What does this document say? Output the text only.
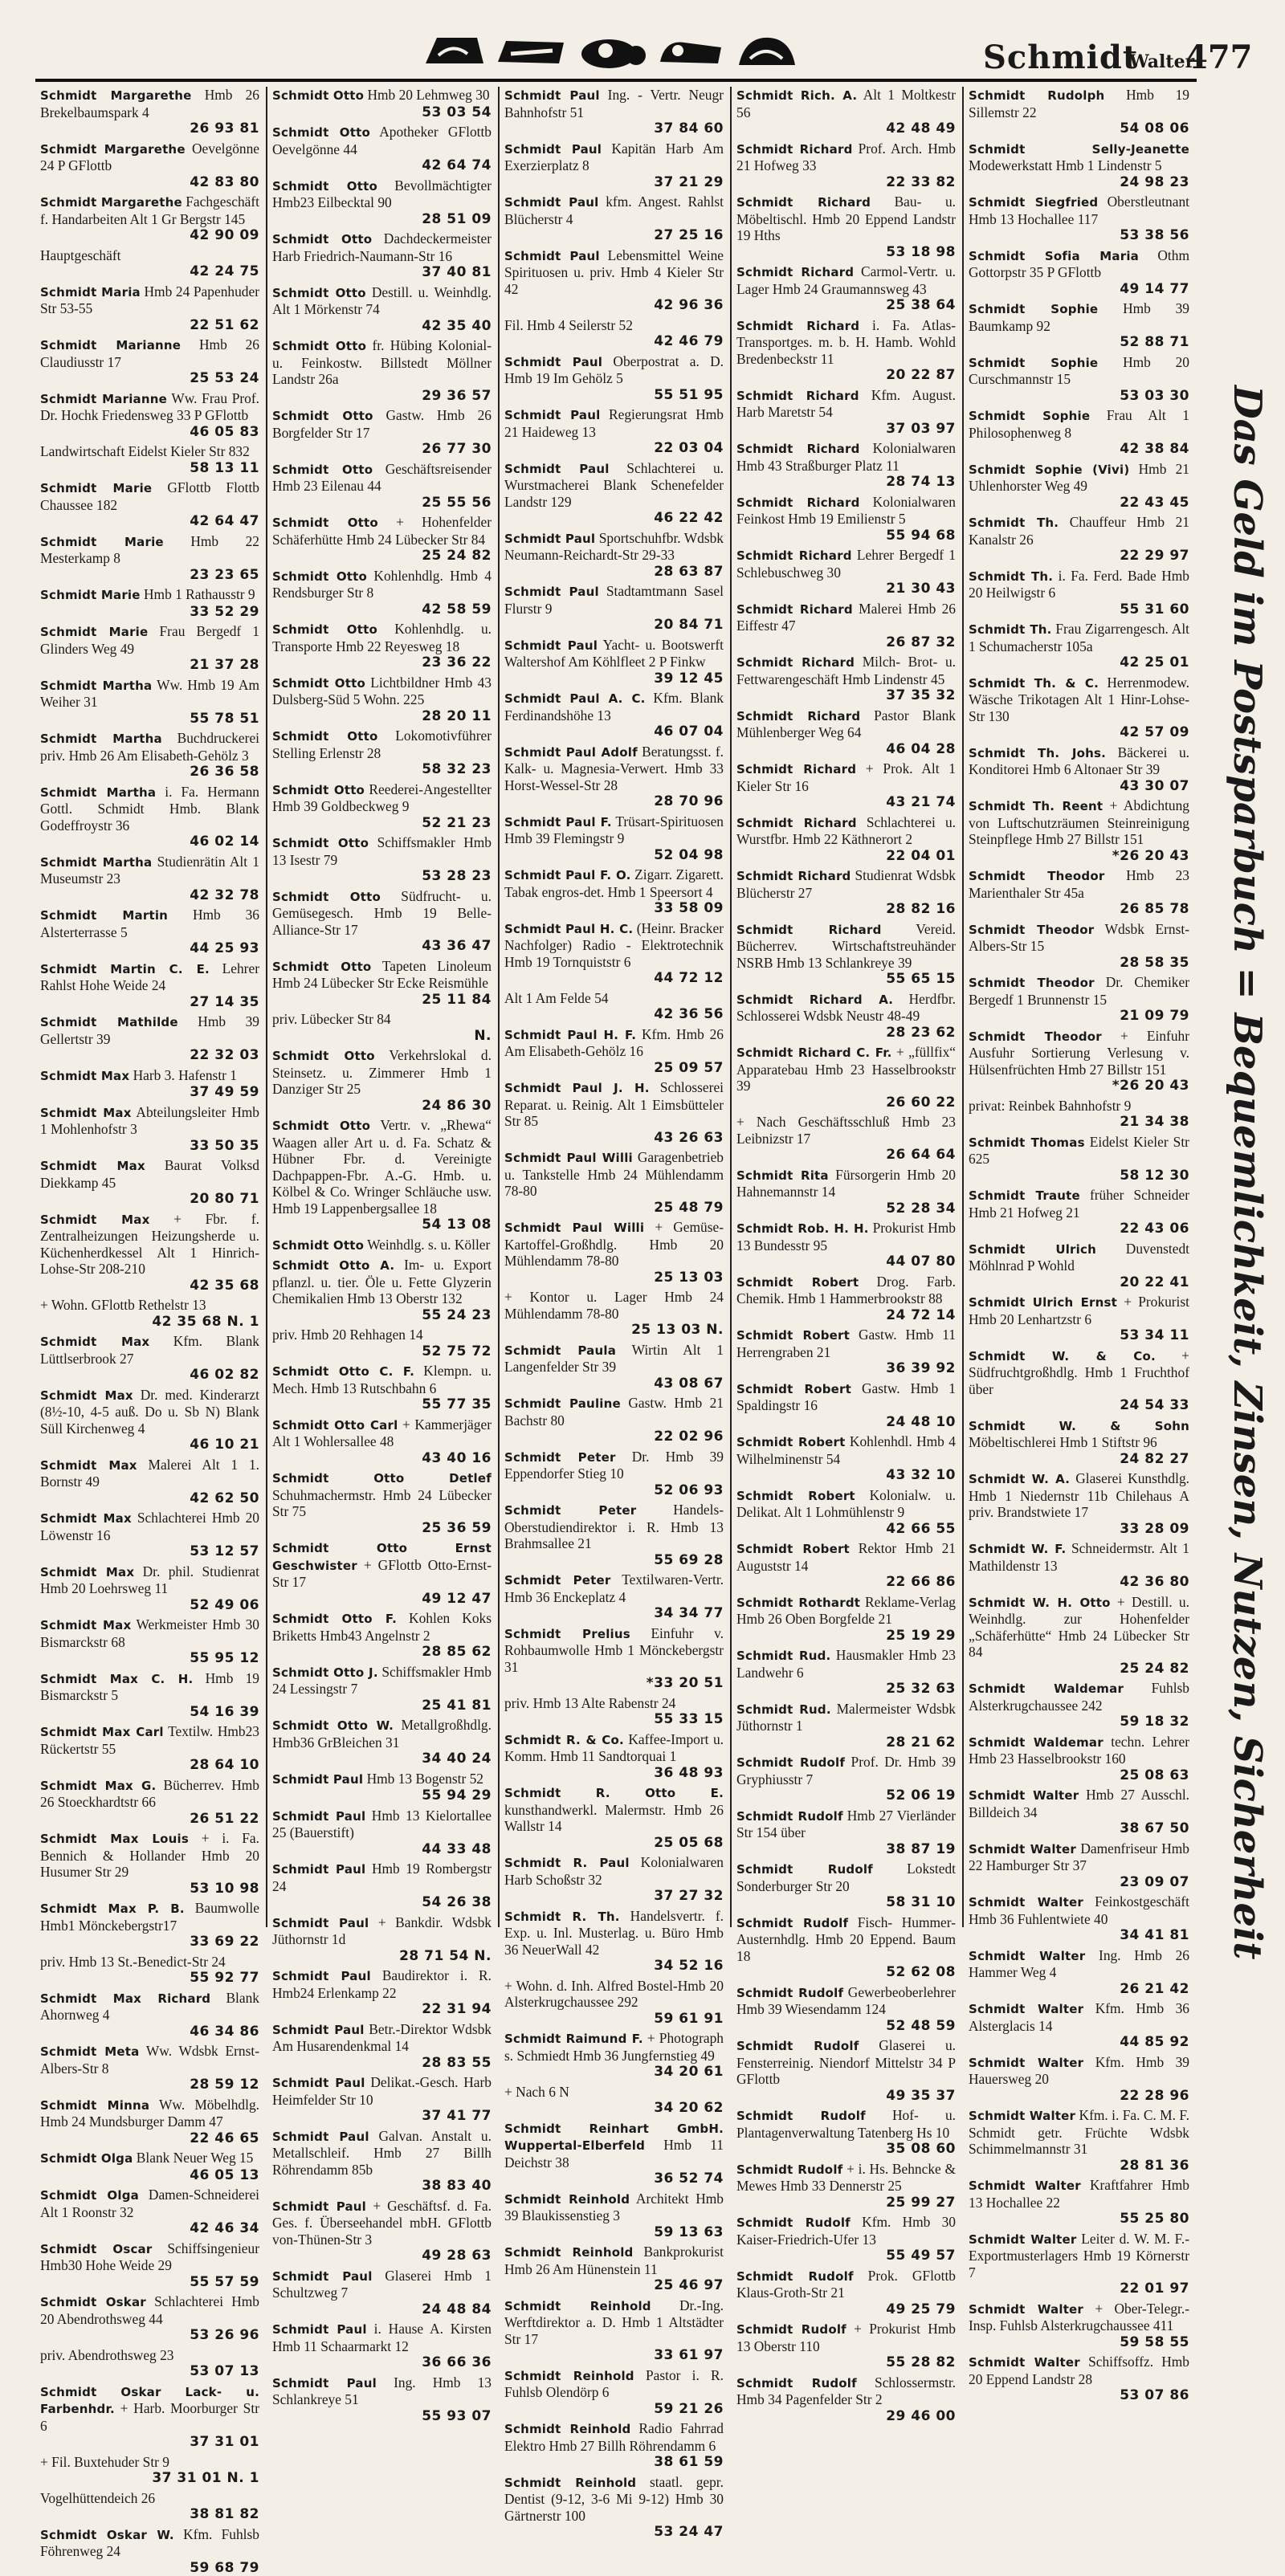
Schmidt
Walter
477
Schmidt Margarethe Hmb 26 Brekelbaumspark 4
26 93 81
Schmidt Margarethe Oevelgönne 24 P GFlottb
42 83 80
Schmidt Margarethe Fachgeschäft f. Handarbeiten Alt 1 Gr Bergstr 145
42 90 09
Hauptgeschäft
42 24 75
Schmidt Maria Hmb 24 Papenhuder Str 53-55
22 51 62
Schmidt Marianne Hmb 26 Claudiusstr 17
25 53 24
Schmidt Marianne Ww. Frau Prof. Dr. Hochk Friedensweg 33 P GFlottb
46 05 83
Landwirtschaft Eidelst Kieler Str 832
58 13 11
Schmidt Marie GFlottb Flottb Chaussee 182
42 64 47
Schmidt Marie Hmb 22 Mesterkamp 8
23 23 65
Schmidt Marie Hmb 1 Rathausstr 9
33 52 29
Schmidt Marie Frau Bergedf 1 Glinders Weg 49
21 37 28
Schmidt Martha Ww. Hmb 19 Am Weiher 31
55 78 51
Schmidt Martha Buchdruckerei priv. Hmb 26 Am Elisabeth-Gehölz 3
26 36 58
Schmidt Martha i. Fa. Hermann Gottl. Schmidt Hmb. Blank Godeffroystr 36
46 02 14
Schmidt Martha Studienrätin Alt 1 Museumstr 23
42 32 78
Schmidt Martin Hmb 36 Alsterterrasse 5
44 25 93
Schmidt Martin C. E. Lehrer Rahlst Hohe Weide 24
27 14 35
Schmidt Mathilde Hmb 39 Gellertstr 39
22 32 03
Schmidt Max Harb 3. Hafenstr 1
37 49 59
Schmidt Max Abteilungsleiter Hmb 1 Mohlenhofstr 3
33 50 35
Schmidt Max Baurat Volksd Diekkamp 45
20 80 71
Schmidt Max + Fbr. f. Zentralheizungen Heizungsherde u. Küchenherdkessel Alt 1 Hinrich-Lohse-Str 208-210
42 35 68
+ Wohn. GFlottb Rethelstr 13
42 35 68 N. 1
Schmidt Max Kfm. Blank Lüttlserbrook 27
46 02 82
Schmidt Max Dr. med. Kinderarzt (8½-10, 4-5 auß. Do u. Sb N) Blank Süll Kirchenweg 4
46 10 21
Schmidt Max Malerei Alt 1 1. Bornstr 49
42 62 50
Schmidt Max Schlachterei Hmb 20 Löwenstr 16
53 12 57
Schmidt Max Dr. phil. Studienrat Hmb 20 Loehrsweg 11
52 49 06
Schmidt Max Werkmeister Hmb 30 Bismarckstr 68
55 95 12
Schmidt Max C. H. Hmb 19 Bismarckstr 5
54 16 39
Schmidt Max Carl Textilw. Hmb23 Rückertstr 55
28 64 10
Schmidt Max G. Bücherrev. Hmb 26 Stoeckhardtstr 66
26 51 22
Schmidt Max Louis + i. Fa. Bennich & Hollander Hmb 20 Husumer Str 29
53 10 98
Schmidt Max P. B. Baumwolle Hmb1 Mönckebergstr17
33 69 22
priv. Hmb 13 St.-Benedict-Str 24
55 92 77
Schmidt Max Richard Blank Ahornweg 4
46 34 86
Schmidt Meta Ww. Wdsbk Ernst-Albers-Str 8
28 59 12
Schmidt Minna Ww. Möbelhdlg. Hmb 24 Mundsburger Damm 47
22 46 65
Schmidt Olga Blank Neuer Weg 15
46 05 13
Schmidt Olga Damen-Schneiderei Alt 1 Roonstr 32
42 46 34
Schmidt Oscar Schiffsingenieur Hmb30 Hohe Weide 29
55 57 59
Schmidt Oskar Schlachterei Hmb 20 Abendrothsweg 44
53 26 96
priv. Abendrothsweg 23
53 07 13
Schmidt Oskar Lack- u. Farbenhdr. + Harb. Moorburger Str 6
37 31 01
+ Fil. Buxtehuder Str 9
37 31 01 N. 1
Vogelhüttendeich 26
38 81 82
Schmidt Oskar W. Kfm. Fuhlsb Föhrenweg 24
59 68 79
Schmidt Otto Hmb 20 Lehmweg 30
53 03 54
Schmidt Otto Apotheker GFlottb Oevelgönne 44
42 64 74
Schmidt Otto Bevollmächtigter Hmb23 Eilbecktal 90
28 51 09
Schmidt Otto Dachdeckermeister Harb Friedrich-Naumann-Str 16
37 40 81
Schmidt Otto Destill. u. Weinhdlg. Alt 1 Mörkenstr 74
42 35 40
Schmidt Otto fr. Hübing Kolonial- u. Feinkostw. Billstedt Möllner Landstr 26a
29 36 57
Schmidt Otto Gastw. Hmb 26 Borgfelder Str 17
26 77 30
Schmidt Otto Geschäftsreisender Hmb 23 Eilenau 44
25 55 56
Schmidt Otto + Hohenfelder Schäferhütte Hmb 24 Lübecker Str 84
25 24 82
Schmidt Otto Kohlenhdlg. Hmb 4 Rendsburger Str 8
42 58 59
Schmidt Otto Kohlenhdlg. u. Transporte Hmb 22 Reyesweg 18
23 36 22
Schmidt Otto Lichtbildner Hmb 43 Dulsberg-Süd 5 Wohn. 225
28 20 11
Schmidt Otto Lokomotivführer Stelling Erlenstr 28
58 32 23
Schmidt Otto Reederei-Angestellter Hmb 39 Goldbeckweg 9
52 21 23
Schmidt Otto Schiffsmakler Hmb 13 Isestr 79
53 28 23
Schmidt Otto Südfrucht- u. Gemüsegesch. Hmb 19 Belle-Alliance-Str 17
43 36 47
Schmidt Otto Tapeten Linoleum Hmb 24 Lübecker Str Ecke Reismühle
25 11 84
priv. Lübecker Str 84
N.
Schmidt Otto Verkehrslokal d. Steinsetz. u. Zimmerer Hmb 1 Danziger Str 25
24 86 30
Schmidt Otto Vertr. v. „Rhewa“ Waagen aller Art u. d. Fa. Schatz & Hübner Fbr. d. Vereinigte Dachpappen-Fbr. A.-G. Hmb. u. Kölbel & Co. Wringer Schläuche usw. Hmb 19 Lappenbergsallee 18
54 13 08
Schmidt Otto Weinhdlg. s. u. Köller
Schmidt Otto A. Im- u. Export pflanzl. u. tier. Öle u. Fette Glyzerin Chemikalien Hmb 13 Oberstr 132
55 24 23
priv. Hmb 20 Rehhagen 14
52 75 72
Schmidt Otto C. F. Klempn. u. Mech. Hmb 13 Rutschbahn 6
55 77 35
Schmidt Otto Carl + Kammerjäger Alt 1 Wohlersallee 48
43 40 16
Schmidt Otto Detlef Schuhmachermstr. Hmb 24 Lübecker Str 75
25 36 59
Schmidt Otto Ernst Geschwister + GFlottb Otto-Ernst-Str 17
49 12 47
Schmidt Otto F. Kohlen Koks Briketts Hmb43 Angelnstr 2
28 85 62
Schmidt Otto J. Schiffsmakler Hmb 24 Lessingstr 7
25 41 81
Schmidt Otto W. Metallgroßhdlg. Hmb36 GrBleichen 31
34 40 24
Schmidt Paul Hmb 13 Bogenstr 52
55 94 29
Schmidt Paul Hmb 13 Kielortallee 25 (Bauerstift)
44 33 48
Schmidt Paul Hmb 19 Rombergstr 24
54 26 38
Schmidt Paul + Bankdir. Wdsbk Jüthornstr 1d
28 71 54 N.
Schmidt Paul Baudirektor i. R. Hmb24 Erlenkamp 22
22 31 94
Schmidt Paul Betr.-Direktor Wdsbk Am Husarendenkmal 14
28 83 55
Schmidt Paul Delikat.-Gesch. Harb Heimfelder Str 10
37 41 77
Schmidt Paul Galvan. Anstalt u. Metallschleif. Hmb 27 Billh Röhrendamm 85b
38 83 40
Schmidt Paul + Geschäftsf. d. Fa. Ges. f. Überseehandel mbH. GFlottb von-Thünen-Str 3
49 28 63
Schmidt Paul Glaserei Hmb 1 Schultzweg 7
24 48 84
Schmidt Paul i. Hause A. Kirsten Hmb 11 Schaarmarkt 12
36 66 36
Schmidt Paul Ing. Hmb 13 Schlankreye 51
55 93 07
Schmidt Paul Ing. - Vertr. Neugr Bahnhofstr 51
37 84 60
Schmidt Paul Kapitän Harb Am Exerzierplatz 8
37 21 29
Schmidt Paul kfm. Angest. Rahlst Blücherstr 4
27 25 16
Schmidt Paul Lebensmittel Weine Spirituosen u. priv. Hmb 4 Kieler Str 42
42 96 36
Fil. Hmb 4 Seilerstr 52
42 46 79
Schmidt Paul Oberpostrat a. D. Hmb 19 Im Gehölz 5
55 51 95
Schmidt Paul Regierungsrat Hmb 21 Haideweg 13
22 03 04
Schmidt Paul Schlachterei u. Wurstmacherei Blank Schenefelder Landstr 129
46 22 42
Schmidt Paul Sportschuhfbr. Wdsbk Neumann-Reichardt-Str 29-33
28 63 87
Schmidt Paul Stadtamtmann Sasel Flurstr 9
20 84 71
Schmidt Paul Yacht- u. Bootswerft Waltershof Am Köhlfleet 2 P Finkw
39 12 45
Schmidt Paul A. C. Kfm. Blank Ferdinandshöhe 13
46 07 04
Schmidt Paul Adolf Beratungsst. f. Kalk- u. Magnesia-Verwert. Hmb 33 Horst-Wessel-Str 28
28 70 96
Schmidt Paul F. Trüsart-Spirituosen Hmb 39 Flemingstr 9
52 04 98
Schmidt Paul F. O. Zigarr. Zigarett. Tabak engros-det. Hmb 1 Speersort 4
33 58 09
Schmidt Paul H. C. (Heinr. Bracker Nachfolger) Radio - Elektrotechnik Hmb 19 Tornquiststr 6
44 72 12
Alt 1 Am Felde 54
42 36 56
Schmidt Paul H. F. Kfm. Hmb 26 Am Elisabeth-Gehölz 16
25 09 57
Schmidt Paul J. H. Schlosserei Reparat. u. Reinig. Alt 1 Eimsbütteler Str 85
43 26 63
Schmidt Paul Willi Garagenbetrieb u. Tankstelle Hmb 24 Mühlendamm 78-80
25 48 79
Schmidt Paul Willi + Gemüse-Kartoffel-Großhdlg. Hmb 20 Mühlendamm 78-80
25 13 03
+ Kontor u. Lager Hmb 24 Mühlendamm 78-80
25 13 03 N.
Schmidt Paula Wirtin Alt 1 Langenfelder Str 39
43 08 67
Schmidt Pauline Gastw. Hmb 21 Bachstr 80
22 02 96
Schmidt Peter Dr. Hmb 39 Eppendorfer Stieg 10
52 06 93
Schmidt Peter	Handels-Oberstudiendirektor i. R. Hmb 13 Brahmsallee 21
55 69 28
Schmidt Peter Textilwaren-Vertr. Hmb 36 Enckeplatz 4
34 34 77
Schmidt Prelius Einfuhr v. Rohbaumwolle Hmb 1 Mönckebergstr 31
*33 20 51
priv. Hmb 13 Alte Rabenstr 24
55 33 15
Schmidt R. & Co. Kaffee-Import u. Komm. Hmb 11 Sandtorquai 1
36 48 93
Schmidt R. Otto E. kunsthandwerkl. Malermstr. Hmb 26 Wallstr 14
25 05 68
Schmidt R. Paul Kolonialwaren Harb Schoßstr 32
37 27 32
Schmidt R. Th. Handelsvertr. f. Exp. u. Inl. Musterlag. u. Büro Hmb 36 NeuerWall 42
34 52 16
+ Wohn. d. Inh. Alfred Bostel-Hmb 20 Alsterkrugchaussee 292
59 61 91
Schmidt Raimund F. + Photograph s. Schmiedt Hmb 36 Jungfernstieg 49
34 20 61
+ Nach 6 N
34 20 62
Schmidt Reinhart GmbH. Wuppertal-Elberfeld Hmb 11 Deichstr 38
36 52 74
Schmidt Reinhold Architekt Hmb 39 Blaukissenstieg 3
59 13 63
Schmidt Reinhold Bankprokurist Hmb 26 Am Hünenstein 11
25 46 97
Schmidt Reinhold Dr.-Ing. Werftdirektor a. D. Hmb 1 Altstädter Str 17
33 61 97
Schmidt Reinhold Pastor i. R. Fuhlsb Olendörp 6
59 21 26
Schmidt Reinhold Radio Fahrrad Elektro Hmb 27 Billh Röhrendamm 6
38 61 59
Schmidt Reinhold staatl. gepr. Dentist (9-12, 3-6 Mi 9-12) Hmb 30 Gärtnerstr 100
53 24 47
Schmidt Rich. A. Alt 1 Moltkestr 56
42 48 49
Schmidt Richard Prof. Arch. Hmb 21 Hofweg 33
22 33 82
Schmidt Richard Bau- u. Möbeltischl. Hmb 20 Eppend Landstr 19 Hths
53 18 98
Schmidt Richard Carmol-Vertr. u. Lager Hmb 24 Graumannsweg 43
25 38 64
Schmidt Richard i. Fa. Atlas-Transportges. m. b. H. Hamb. Wohld Bredenbeckstr 11
20 22 87
Schmidt Richard Kfm. August. Harb Maretstr 54
37 03 97
Schmidt Richard Kolonialwaren Hmb 43 Straßburger Platz 11
28 74 13
Schmidt Richard Kolonialwaren Feinkost Hmb 19 Emilienstr 5
55 94 68
Schmidt Richard Lehrer Bergedf 1 Schlebuschweg 30
21 30 43
Schmidt Richard Malerei Hmb 26 Eiffestr 47
26 87 32
Schmidt Richard Milch- Brot- u. Fettwarengeschäft Hmb Lindenstr 45
37 35 32
Schmidt Richard Pastor Blank Mühlenberger Weg 64
46 04 28
Schmidt Richard + Prok. Alt 1 Kieler Str 16
43 21 74
Schmidt Richard Schlachterei u. Wurstfbr. Hmb 22 Käthnerort 2
22 04 01
Schmidt Richard Studienrat Wdsbk Blücherstr 27
28 82 16
Schmidt Richard Vereid. Bücherrev. Wirtschaftstreuhänder NSRB Hmb 13 Schlankreye 39
55 65 15
Schmidt Richard A. Herdfbr. Schlosserei Wdsbk Neustr 48-49
28 23 62
Schmidt Richard C. Fr. + „füllfix“ Apparatebau Hmb 23 Hasselbrookstr 39
26 60 22
+ Nach Geschäftsschluß Hmb 23 Leibnizstr 17
26 64 64
Schmidt Rita Fürsorgerin Hmb 20 Hahnemannstr 14
52 28 34
Schmidt Rob. H. H. Prokurist Hmb 13 Bundesstr 95
44 07 80
Schmidt Robert Drog. Farb. Chemik. Hmb 1 Hammerbrookstr 88
24 72 14
Schmidt Robert Gastw. Hmb 11 Herrengraben 21
36 39 92
Schmidt Robert Gastw. Hmb 1 Spaldingstr 16
24 48 10
Schmidt Robert Kohlenhdl. Hmb 4 Wilhelminenstr 54
43 32 10
Schmidt Robert Kolonialw. u. Delikat. Alt 1 Lohmühlenstr 9
42 66 55
Schmidt Robert Rektor Hmb 21 Auguststr 14
22 66 86
Schmidt Rothardt Reklame-Verlag Hmb 26 Oben Borgfelde 21
25 19 29
Schmidt Rud. Hausmakler Hmb 23 Landwehr 6
25 32 63
Schmidt Rud. Malermeister Wdsbk Jüthornstr 1
28 21 62
Schmidt Rudolf Prof. Dr. Hmb 39 Gryphiusstr 7
52 06 19
Schmidt Rudolf Hmb 27 Vierländer Str 154 über
38 87 19
Schmidt Rudolf Lokstedt Sonderburger Str 20
58 31 10
Schmidt Rudolf Fisch- Hummer- Austernhdlg. Hmb 20 Eppend. Baum 18
52 62 08
Schmidt Rudolf Gewerbeoberlehrer Hmb 39 Wiesendamm 124
52 48 59
Schmidt Rudolf Glaserei u. Fensterreinig. Niendorf Mittelstr 34 P GFlottb
49 35 37
Schmidt Rudolf Hof- u. Plantagenverwaltung Tatenberg Hs 10
35 08 60
Schmidt Rudolf + i. Hs. Behncke & Mewes Hmb 33 Dennerstr 25
25 99 27
Schmidt Rudolf Kfm. Hmb 30 Kaiser-Friedrich-Ufer 13
55 49 57
Schmidt Rudolf Prok. GFlottb Klaus-Groth-Str 21
49 25 79
Schmidt Rudolf + Prokurist Hmb 13 Oberstr 110
55 28 82
Schmidt Rudolf Schlossermstr. Hmb 34 Pagenfelder Str 2
29 46 00
Schmidt Rudolph Hmb 19 Sillemstr 22
54 08 06
Schmidt Selly-Jeanette Modewerkstatt Hmb 1 Lindenstr 5
24 98 23
Schmidt Siegfried Oberstleutnant Hmb 13 Hochallee 117
53 38 56
Schmidt Sofia Maria Othm Gottorpstr 35 P GFlottb
49 14 77
Schmidt Sophie Hmb 39 Baumkamp 92
52 88 71
Schmidt Sophie Hmb 20 Curschmannstr 15
53 03 30
Schmidt Sophie Frau Alt 1 Philosophenweg 8
42 38 84
Schmidt Sophie (Vivi) Hmb 21 Uhlenhorster Weg 49
22 43 45
Schmidt Th. Chauffeur Hmb 21 Kanalstr 26
22 29 97
Schmidt Th. i. Fa. Ferd. Bade Hmb 20 Heilwigstr 6
55 31 60
Schmidt Th. Frau Zigarrengesch. Alt 1 Schumacherstr 105a
42 25 01
Schmidt Th. & C. Herrenmodew. Wäsche Trikotagen Alt 1 Hinr-Lohse-Str 130
42 57 09
Schmidt Th. Johs. Bäckerei u. Konditorei Hmb 6 Altonaer Str 39
43 30 07
Schmidt Th. Reent + Abdichtung von Luftschutzräumen Steinreinigung Steinpflege Hmb 27 Billstr 151
*26 20 43
Schmidt Theodor Hmb 23 Marienthaler Str 45a
26 85 78
Schmidt Theodor Wdsbk Ernst-Albers-Str 15
28 58 35
Schmidt Theodor Dr. Chemiker Bergedf 1 Brunnenstr 15
21 09 79
Schmidt Theodor + Einfuhr Ausfuhr Sortierung Verlesung v. Hülsenfrüchten Hmb 27 Billstr 151
*26 20 43
privat: Reinbek Bahnhofstr 9
21 34 38
Schmidt Thomas Eidelst Kieler Str 625
58 12 30
Schmidt Traute früher Schneider Hmb 21 Hofweg 21
22 43 06
Schmidt Ulrich Duvenstedt Möhlnrad P Wohld
20 22 41
Schmidt Ulrich Ernst + Prokurist Hmb 20 Lenhartzstr 6
53 34 11
Schmidt W. & Co. + Südfruchtgroßhdlg. Hmb 1 Fruchthof über
24 54 33
Schmidt W. & Sohn Möbeltischlerei Hmb 1 Stiftstr 96
24 82 27
Schmidt W. A. Glaserei Kunsthdlg. Hmb 1 Niedernstr 11b Chilehaus A priv. Brandstwiete 17
33 28 09
Schmidt W. F. Schneidermstr. Alt 1 Mathildenstr 13
42 36 80
Schmidt W. H. Otto + Destill. u. Weinhdlg. zur Hohenfelder „Schäferhütte“ Hmb 24 Lübecker Str 84
25 24 82
Schmidt Waldemar Fuhlsb Alsterkrugchaussee 242
59 18 32
Schmidt Waldemar techn. Lehrer Hmb 23 Hasselbrookstr 160
25 08 63
Schmidt Walter Hmb 27 Ausschl. Billdeich 34
38 67 50
Schmidt Walter Damenfriseur Hmb 22 Hamburger Str 37
23 09 07
Schmidt Walter Feinkostgeschäft Hmb 36 Fuhlentwiete 40
34 41 81
Schmidt Walter Ing. Hmb 26 Hammer Weg 4
26 21 42
Schmidt Walter Kfm. Hmb 36 Alsterglacis 14
44 85 92
Schmidt Walter Kfm. Hmb 39 Hauersweg 20
22 28 96
Schmidt Walter Kfm. i. Fa. C. M. F. Schmidt getr. Früchte Wdsbk Schimmelmannstr 31
28 81 36
Schmidt Walter Kraftfahrer Hmb 13 Hochallee 22
55 25 80
Schmidt Walter Leiter d. W. M. F.-Exportmusterlagers Hmb 19 Körnerstr 7
22 01 97
Schmidt Walter + Ober-Telegr.-Insp. Fuhlsb Alsterkrugchaussee 411
59 58 55
Schmidt Walter Schiffsoffz. Hmb 20 Eppend Landstr 28
53 07 86
Das Geld im Postsparbuch = Bequemlichkeit, Zinsen, Nutzen, Sicherheit
